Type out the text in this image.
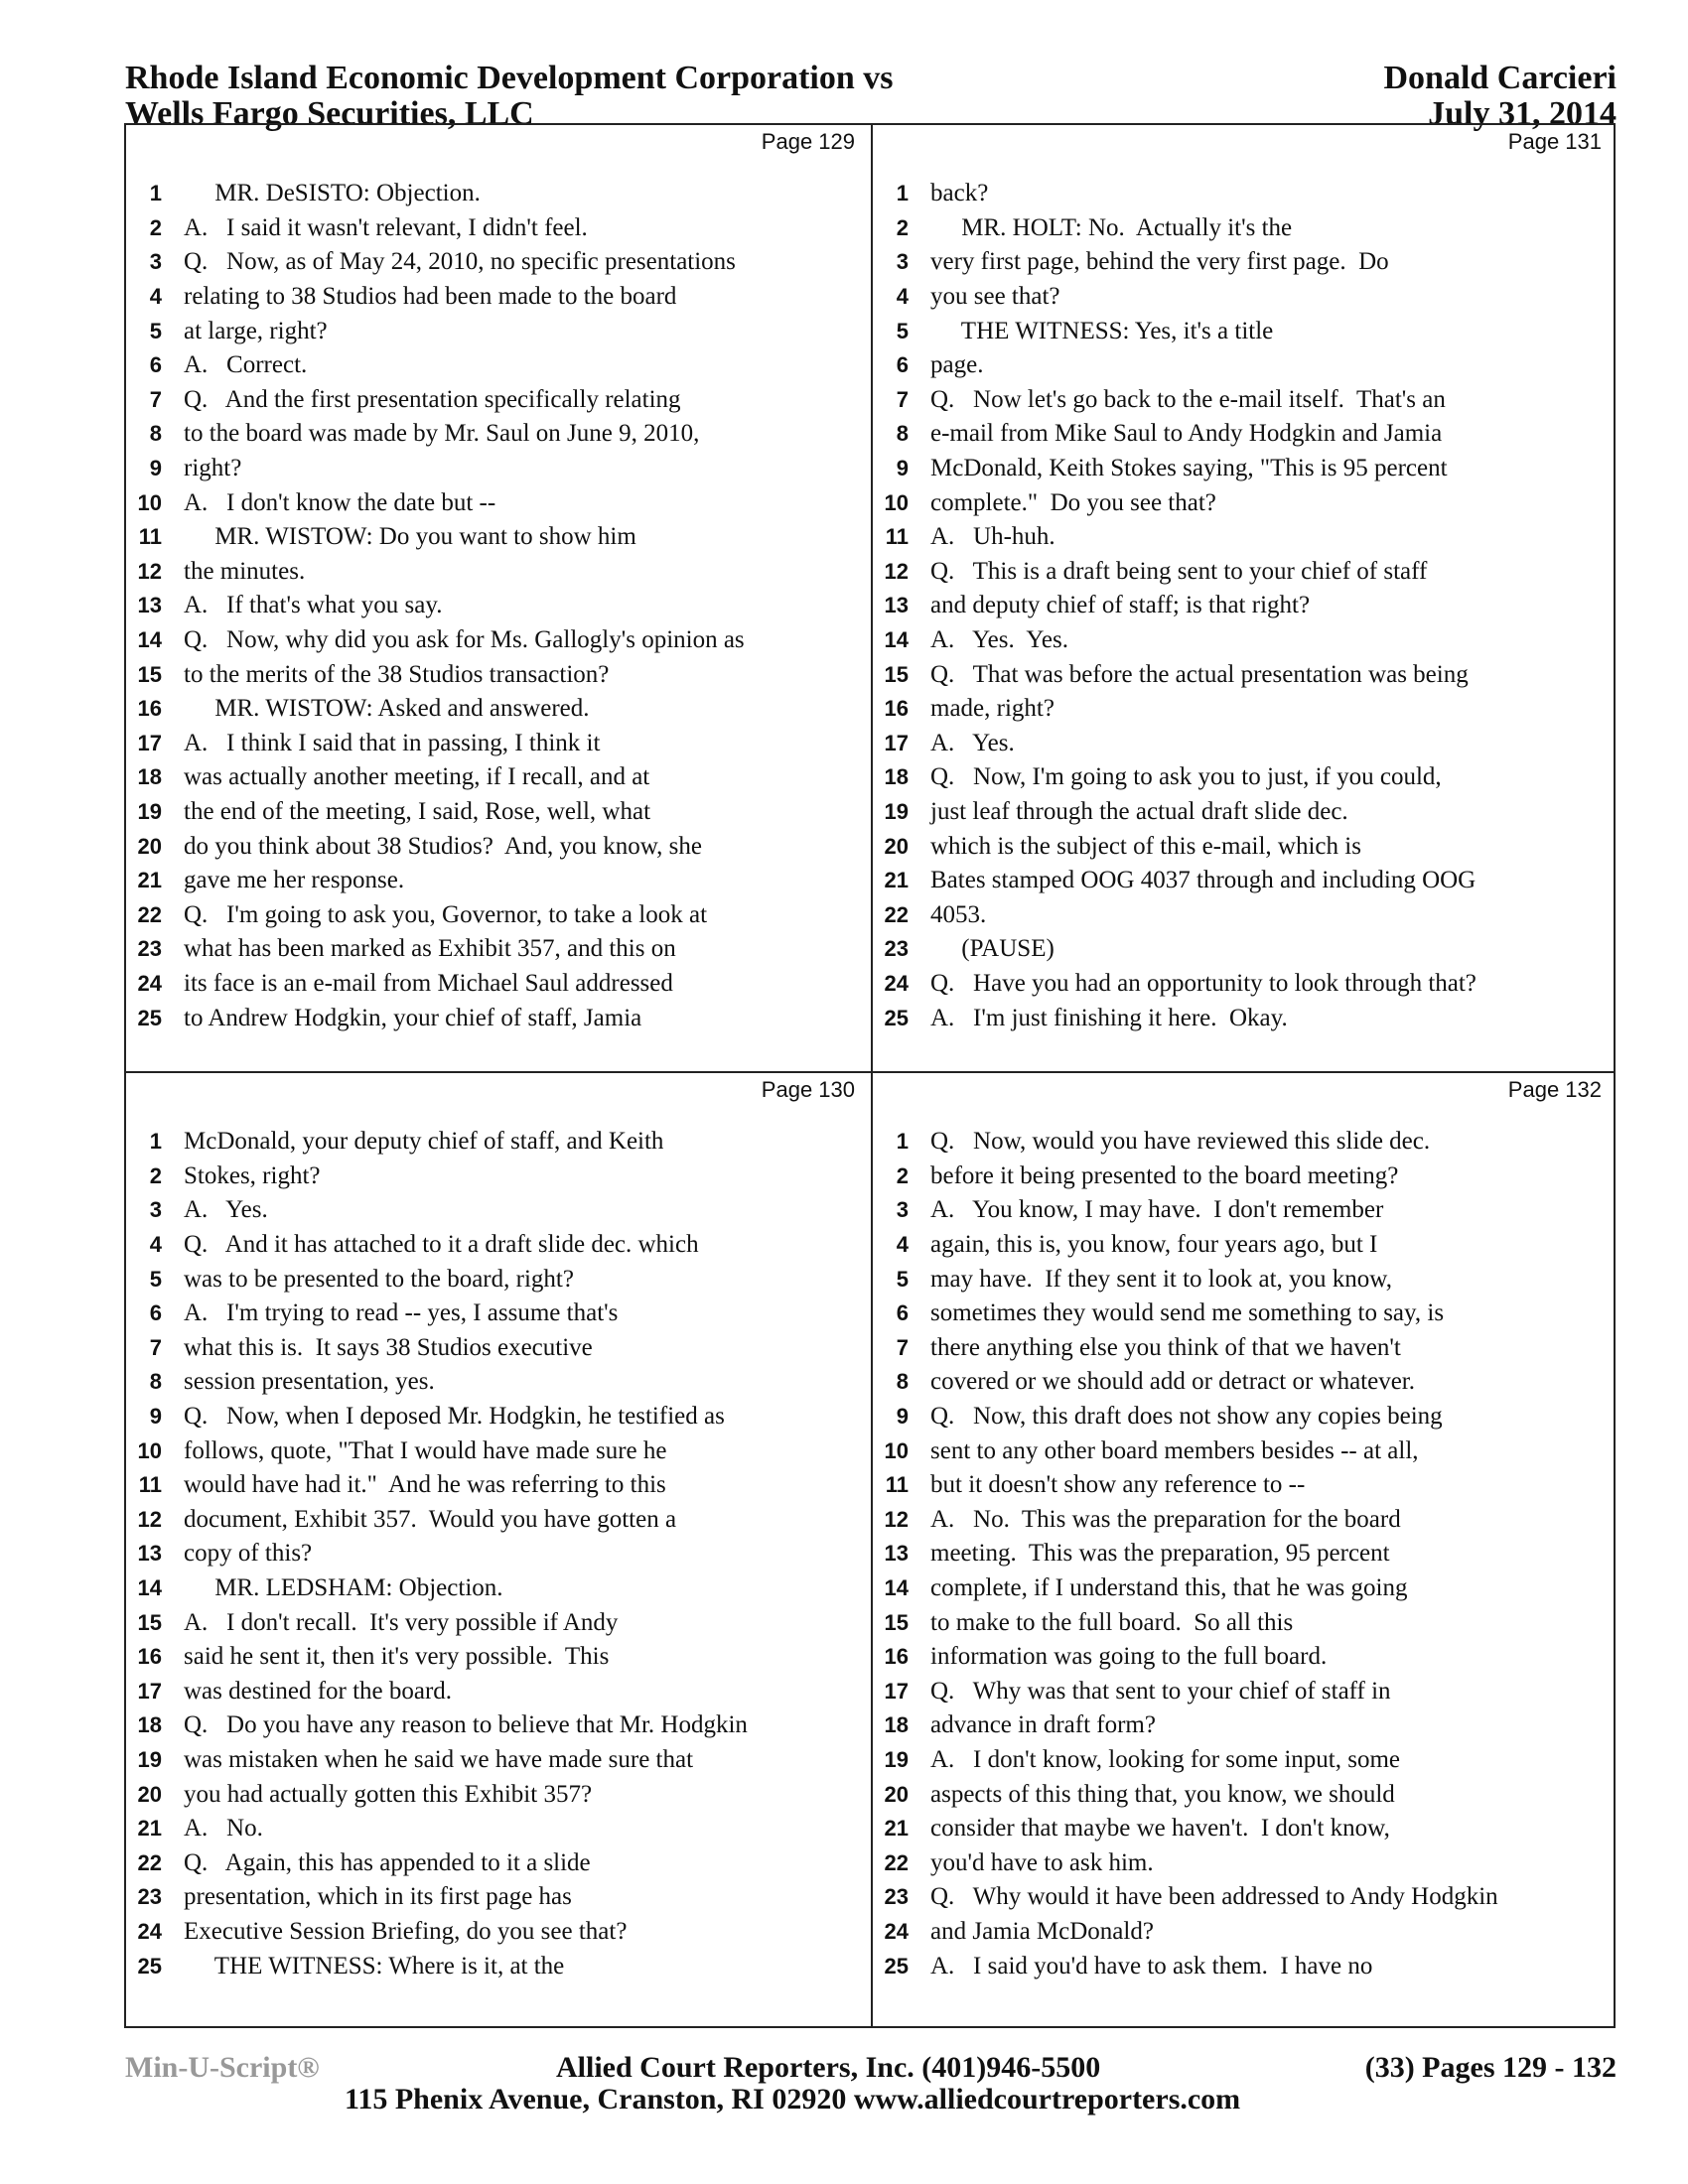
Rhode Island Economic Development Corporation vs
Wells Fargo Securities, LLC
Donald Carcieri
July 31, 2014
Page 129
1 MR. DeSISTO: Objection.
2 A.   I said it wasn't relevant, I didn't feel.
3 Q.   Now, as of May 24, 2010, no specific presentations
4 relating to 38 Studios had been made to the board
5 at large, right?
6 A.   Correct.
7 Q.   And the first presentation specifically relating
8 to the board was made by Mr. Saul on June 9, 2010,
9 right?
10 A.   I don't know the date but --
11 MR. WISTOW: Do you want to show him
12 the minutes.
13 A.   If that's what you say.
14 Q.   Now, why did you ask for Ms. Gallogly's opinion as
15 to the merits of the 38 Studios transaction?
16 MR. WISTOW: Asked and answered.
17 A.   I think I said that in passing, I think it
18 was actually another meeting, if I recall, and at
19 the end of the meeting, I said, Rose, well, what
20 do you think about 38 Studios?  And, you know, she
21 gave me her response.
22 Q.   I'm going to ask you, Governor, to take a look at
23 what has been marked as Exhibit 357, and this on
24 its face is an e-mail from Michael Saul addressed
25 to Andrew Hodgkin, your chief of staff, Jamia
Page 131
1 back?
2 MR. HOLT: No.  Actually it's the
3 very first page, behind the very first page.  Do
4 you see that?
5 THE WITNESS: Yes, it's a title
6 page.
7 Q.   Now let's go back to the e-mail itself.  That's an
8 e-mail from Mike Saul to Andy Hodgkin and Jamia
9 McDonald, Keith Stokes saying, "This is 95 percent
10 complete."  Do you see that?
11 A.   Uh-huh.
12 Q.   This is a draft being sent to your chief of staff
13 and deputy chief of staff; is that right?
14 A.   Yes.  Yes.
15 Q.   That was before the actual presentation was being
16 made, right?
17 A.   Yes.
18 Q.   Now, I'm going to ask you to just, if you could,
19 just leaf through the actual draft slide dec.
20 which is the subject of this e-mail, which is
21 Bates stamped OOG 4037 through and including OOG
22 4053.
23 (PAUSE)
24 Q.   Have you had an opportunity to look through that?
25 A.   I'm just finishing it here.  Okay.
Page 130
1 McDonald, your deputy chief of staff, and Keith
2 Stokes, right?
3 A.   Yes.
4 Q.   And it has attached to it a draft slide dec. which
5 was to be presented to the board, right?
6 A.   I'm trying to read -- yes, I assume that's
7 what this is.  It says 38 Studios executive
8 session presentation, yes.
9 Q.   Now, when I deposed Mr. Hodgkin, he testified as
10 follows, quote, "That I would have made sure he
11 would have had it."  And he was referring to this
12 document, Exhibit 357.  Would you have gotten a
13 copy of this?
14 MR. LEDSHAM: Objection.
15 A.   I don't recall.  It's very possible if Andy
16 said he sent it, then it's very possible.  This
17 was destined for the board.
18 Q.   Do you have any reason to believe that Mr. Hodgkin
19 was mistaken when he said we have made sure that
20 you had actually gotten this Exhibit 357?
21 A.   No.
22 Q.   Again, this has appended to it a slide
23 presentation, which in its first page has
24 Executive Session Briefing, do you see that?
25 THE WITNESS: Where is it, at the
Page 132
1 Q.   Now, would you have reviewed this slide dec.
2 before it being presented to the board meeting?
3 A.   You know, I may have.  I don't remember
4 again, this is, you know, four years ago, but I
5 may have.  If they sent it to look at, you know,
6 sometimes they would send me something to say, is
7 there anything else you think of that we haven't
8 covered or we should add or detract or whatever.
9 Q.   Now, this draft does not show any copies being
10 sent to any other board members besides -- at all,
11 but it doesn't show any reference to --
12 A.   No.  This was the preparation for the board
13 meeting.  This was the preparation, 95 percent
14 complete, if I understand this, that he was going
15 to make to the full board.  So all this
16 information was going to the full board.
17 Q.   Why was that sent to your chief of staff in
18 advance in draft form?
19 A.   I don't know, looking for some input, some
20 aspects of this thing that, you know, we should
21 consider that maybe we haven't.  I don't know,
22 you'd have to ask him.
23 Q.   Why would it have been addressed to Andy Hodgkin
24 and Jamia McDonald?
25 A.   I said you'd have to ask them.  I have no
Min-U-Script®	Allied Court Reporters, Inc. (401)946-5500	(33) Pages 129 - 132
115 Phenix Avenue, Cranston, RI 02920 www.alliedcourtreporters.com
